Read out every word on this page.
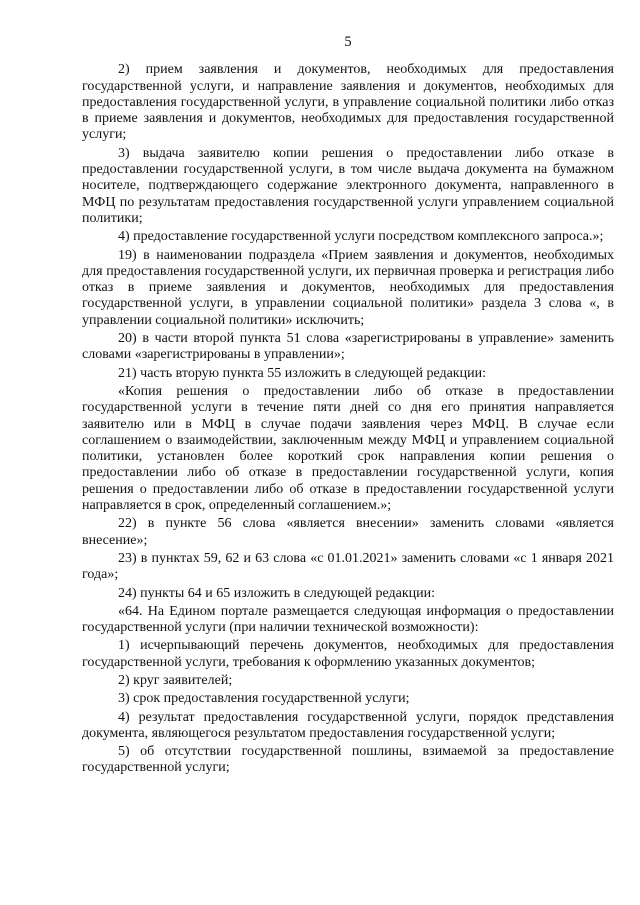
5

2) прием заявления и документов, необходимых для предоставления государственной услуги, и направление заявления и документов, необходимых для предоставления государственной услуги, в управление социальной политики либо отказ в приеме заявления и документов, необходимых для предоставления государственной услуги;

3) выдача заявителю копии решения о предоставлении либо отказе в предоставлении государственной услуги, в том числе выдача документа на бумажном носителе, подтверждающего содержание электронного документа, направленного в МФЦ по результатам предоставления государственной услуги управлением социальной политики;

4) предоставление государственной услуги посредством комплексного запроса.»;

19) в наименовании подраздела «Прием заявления и документов, необходимых для предоставления государственной услуги, их первичная проверка и регистрация либо отказ в приеме заявления и документов, необходимых для предоставления государственной услуги, в управлении социальной политики» раздела 3 слова «, в управлении социальной политики» исключить;

20) в части второй пункта 51 слова «зарегистрированы в управление» заменить словами «зарегистрированы в управлении»;

21) часть вторую пункта 55 изложить в следующей редакции:

«Копия решения о предоставлении либо об отказе в предоставлении государственной услуги в течение пяти дней со дня его принятия направляется заявителю или в МФЦ в случае подачи заявления через МФЦ. В случае если соглашением о взаимодействии, заключенным между МФЦ и управлением социальной политики, установлен более короткий срок направления копии решения о предоставлении либо об отказе в предоставлении государственной услуги, копия решения о предоставлении либо об отказе в предоставлении государственной услуги направляется в срок, определенный соглашением.»;

22) в пункте 56 слова «является внесении» заменить словами «является внесение»;

23) в пунктах 59, 62 и 63 слова «с 01.01.2021» заменить словами «с 1 января 2021 года»;

24) пункты 64 и 65 изложить в следующей редакции:

«64. На Едином портале размещается следующая информация о предоставлении государственной услуги (при наличии технической возможности):

1) исчерпывающий перечень документов, необходимых для предоставления государственной услуги, требования к оформлению указанных документов;

2) круг заявителей;

3) срок предоставления государственной услуги;

4) результат предоставления государственной услуги, порядок представления документа, являющегося результатом предоставления государственной услуги;

5) об отсутствии государственной пошлины, взимаемой за предоставление государственной услуги;
